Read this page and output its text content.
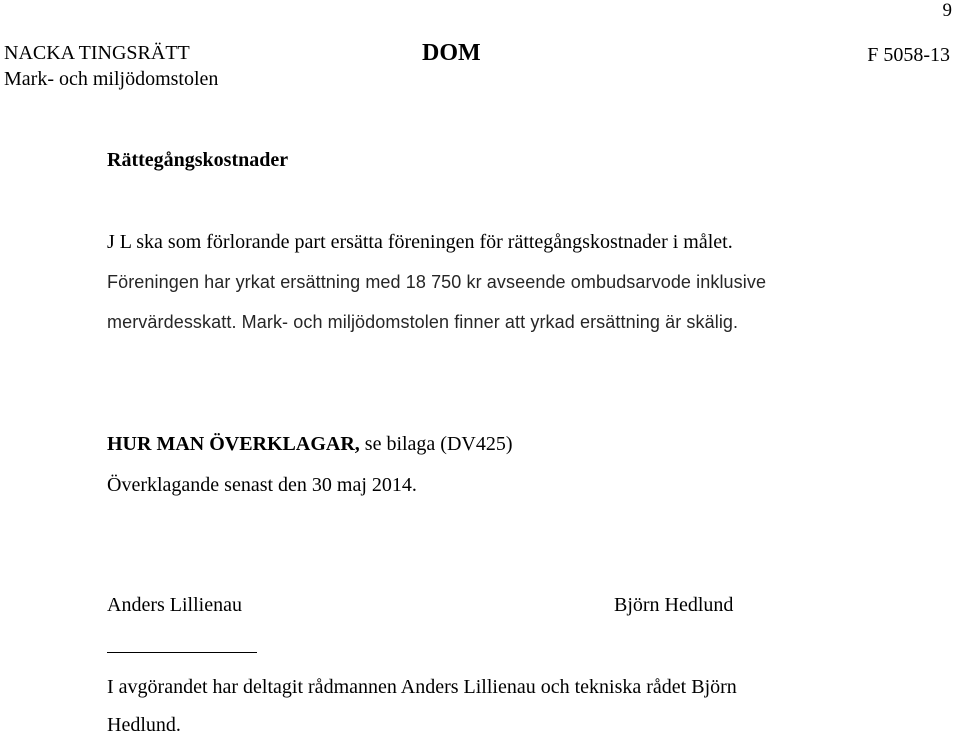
9
NACKA TINGSRÄTT
Mark- och miljödomstolen
DOM	F 5058-13
Rättegångskostnader
J L ska som förlorande part ersätta föreningen för rättegångskostnader i målet.
Föreningen har yrkat ersättning med 18 750 kr avseende ombudsarvode inklusive
mervärdesskatt. Mark- och miljödomstolen finner att yrkad ersättning är skälig.
HUR MAN ÖVERKLAGAR, se bilaga (DV425)
Överklagande senast den 30 maj 2014.
Anders Lillienau	Björn Hedlund
I avgörandet har deltagit rådmannen Anders Lillienau och tekniska rådet Björn
Hedlund.
